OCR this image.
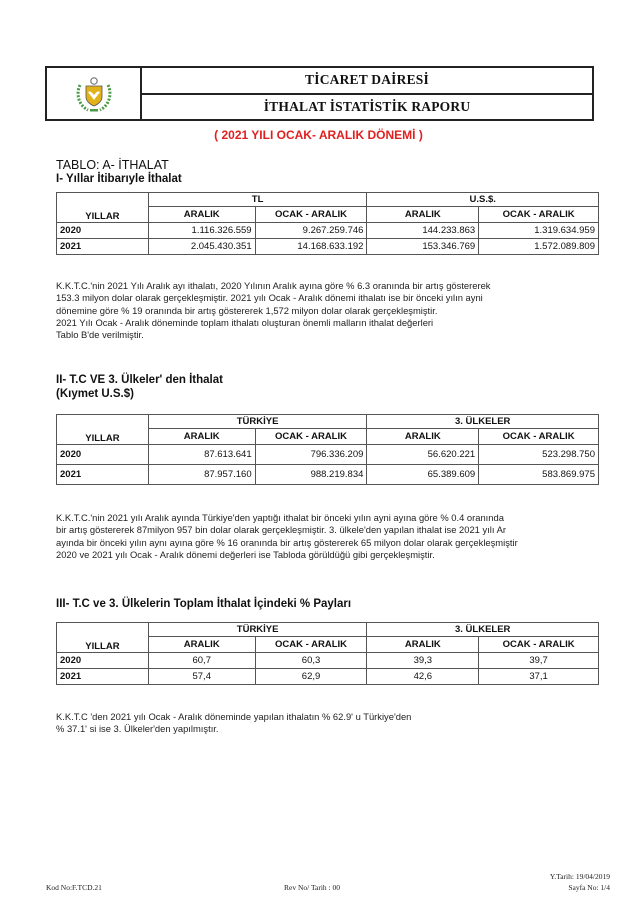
TİCARET DAİRESİ
İTHALAT İSTATİSTİK RAPORU
( 2021 YILI OCAK- ARALIK DÖNEMİ )
TABLO: A- İTHALAT
I- Yıllar İtibarıyle İthalat
YILLAR	TL		U.S.$.	
	ARALIK	OCAK - ARALIK	ARALIK	OCAK - ARALIK
2020	1.116.326.559	9.267.259.746	144.233.863	1.319.634.959
2021	2.045.430.351	14.168.633.192	153.346.769	1.572.089.809

K.K.T.C.'nin 2021 Yılı Aralık ayı ithalatı, 2020 Yılının Aralık ayına göre % 6.3 oranında bir artış göstererek

153.3 milyon dolar olarak gerçekleşmiştir. 2021 yılı Ocak - Aralık dönemi ithalatı ise bir önceki yılın ayni

dönemine göre % 19 oranında bir artış göstererek 1,572 milyon dolar olarak gerçekleşmiştir.

2021 Yılı Ocak - Aralık döneminde toplam ithalatı oluşturan önemli malların ithalat değerleri

Tablo B'de verilmiştir.

II- T.C VE 3. Ülkeler' den İthalat
(Kıymet U.S.$)
YILLAR	TÜRKİYE		3. ÜLKELER	
	ARALIK	OCAK - ARALIK	ARALIK	OCAK - ARALIK
2020	87.613.641	796.336.209	56.620.221	523.298.750
2021	87.957.160	988.219.834	65.389.609	583.869.975

K.K.T.C.'nin 2021 yılı Aralık ayında Türkiye'den yaptığı ithalat bir önceki yılın ayni ayına göre % 0.4 oranında

bir artış göstererek 87milyon 957 bin dolar olarak gerçekleşmiştir. 3. ülkele'den yapılan ithalat ise 2021 yılı Ar

ayında bir önceki yılın aynı ayına göre % 16 oranında bir artış göstererek 65 milyon dolar olarak gerçekleşmiştir

2020 ve 2021 yılı Ocak - Aralık dönemi değerleri ise Tabloda görüldüğü gibi gerçekleşmiştir.

III- T.C ve 3. Ülkelerin Toplam İthalat İçindeki % Payları
YILLAR	TÜRKİYE		3. ÜLKELER	
	ARALIK	OCAK - ARALIK	ARALIK	OCAK - ARALIK
2020	60,7	60,3	39,3	39,7
2021	57,4	62,9	42,6	37,1

K.K.T.C 'den 2021 yılı Ocak - Aralık döneminde yapılan ithalatın % 62.9' u Türkiye'den

% 37.1' si ise 3. Ülkeler'den yapılmıştır.

Kod No:F.TCD.21	Rev No/ Tarih : 00
Y.Tarih: 19/04/2019
Sayfa No: 1/4
